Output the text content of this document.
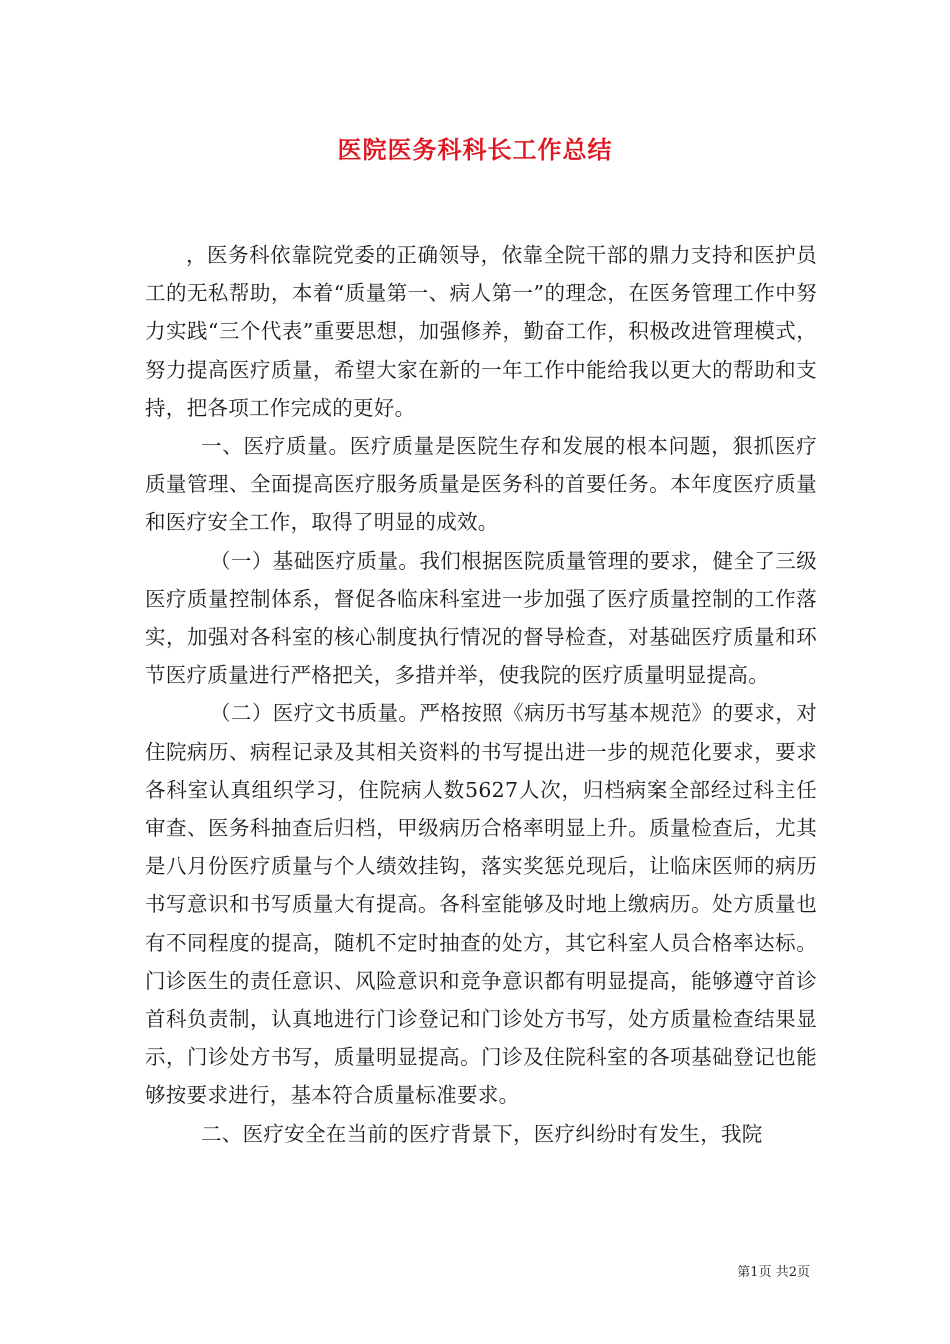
医院医务科科长工作总结

，医务科依靠院党委的正确领导，依靠全院干部的鼎力支持和医护员工的无私帮助，本着“质量第一、病人第一”的理念，在医务管理工作中努力实践“三个代表”重要思想，加强修养，勤奋工作，积极改进管理模式，努力提高医疗质量，希望大家在新的一年工作中能给我以更大的帮助和支持，把各项工作完成的更好。

一、医疗质量。医疗质量是医院生存和发展的根本问题，狠抓医疗质量管理、全面提高医疗服务质量是医务科的首要任务。本年度医疗质量和医疗安全工作，取得了明显的成效。

（一）基础医疗质量。我们根据医院质量管理的要求，健全了三级医疗质量控制体系，督促各临床科室进一步加强了医疗质量控制的工作落实，加强对各科室的核心制度执行情况的督导检查，对基础医疗质量和环节医疗质量进行严格把关，多措并举，使我院的医疗质量明显提高。

（二）医疗文书质量。严格按照《病历书写基本规范》的要求，对住院病历、病程记录及其相关资料的书写提出进一步的规范化要求，要求各科室认真组织学习，住院病人数5627人次，归档病案全部经过科主任审查、医务科抽查后归档，甲级病历合格率明显上升。质量检查后，尤其是八月份医疗质量与个人绩效挂钩，落实奖惩兑现后，让临床医师的病历书写意识和书写质量大有提高。各科室能够及时地上缴病历。处方质量也有不同程度的提高，随机不定时抽查的处方，其它科室人员合格率达标。门诊医生的责任意识、风险意识和竞争意识都有明显提高，能够遵守首诊首科负责制，认真地进行门诊登记和门诊处方书写，处方质量检查结果显示，门诊处方书写，质量明显提高。门诊及住院科室的各项基础登记也能够按要求进行，基本符合质量标准要求。

二、医疗安全在当前的医疗背景下，医疗纠纷时有发生，我院

第1页 共2页
